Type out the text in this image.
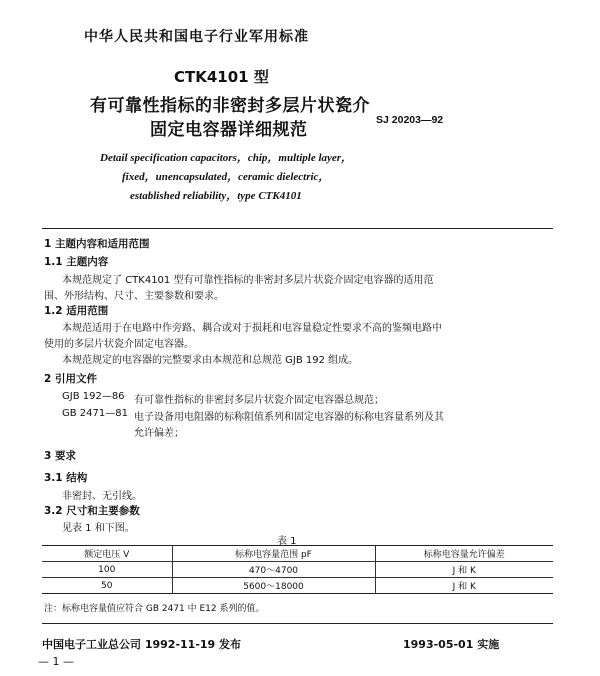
中华人民共和国电子行业军用标准
CTK4101 型
有可靠性指标的非密封多层片状瓷介
固定电容器详细规范	SJ 20203—92
Detail specification capacitors，chip，multiple layer，
fixed，unencapsulated，ceramic dielectric，
established reliability，type CTK4101
1 主题内容和适用范围
1.1 主题内容
本规范规定了 CTK4101 型有可靠性指标的非密封多层片状瓷介固定电容器的适用范
围、外形结构、尺寸、主要参数和要求。
1.2 适用范围
本规范适用于在电路中作旁路、耦合或对于损耗和电容量稳定性要求不高的鉴频电路中
使用的多层片状瓷介固定电容器。
本规范规定的电容器的完整要求由本规范和总规范 GJB 192 组成。
2 引用文件
GJB 192—86 有可靠性指标的非密封多层片状瓷介固定电容器总规范；
GB 2471—81 电子设备用电阻器的标称阻值系列和固定电容器的标称电容量系列及其
允许偏差；
3 要求
3.1 结构
非密封、无引线。
3.2 尺寸和主要参数
见表 1 和下图。
表 1
额定电压 V	标称电容量范围 pF	标称电容量允许偏差
100	470～4700	J 和 K
50	5600～18000	J 和 K
注：标称电容量值应符合 GB 2471 中 E12 系列的值。
中国电子工业总公司 1992-11-19 发布	1993-05-01 实施
— 1 —
